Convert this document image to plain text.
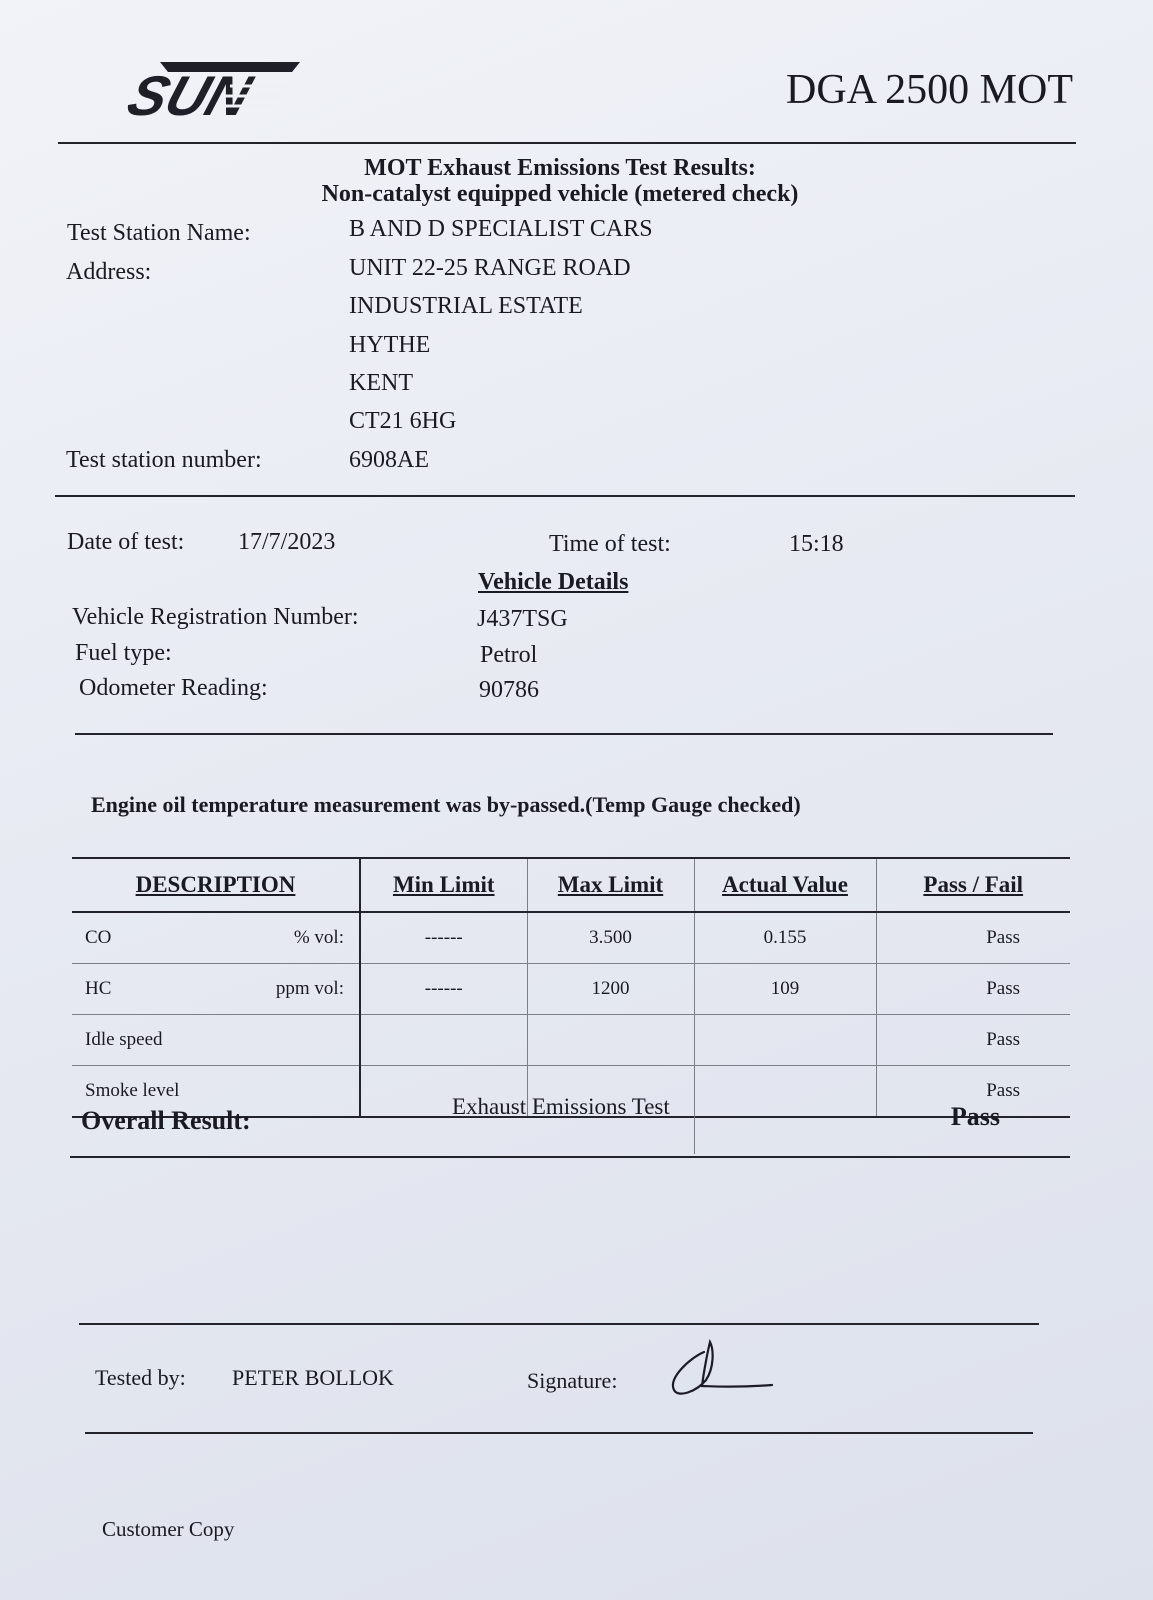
SUN	DGA 2500 MOT
MOT Exhaust Emissions Test Results:
Non-catalyst equipped vehicle (metered check)
Test Station Name:	B AND D SPECIALIST CARS
Address:	UNIT 22-25 RANGE ROAD
INDUSTRIAL ESTATE
HYTHE
KENT
CT21 6HG
Test station number:	6908AE
Date of test: 17/7/2023	Time of test:	15:18
Vehicle Details
Vehicle Registration Number:	J437TSG
Fuel type:	Petrol
Odometer Reading:	90786
Engine oil temperature measurement was by-passed.(Temp Gauge checked)
DESCRIPTION	Min Limit	Max Limit	Actual Value	Pass / Fail

CO % vol:	------	3.500	0.155	Pass

HC ppm vol:	------	1200	109	Pass

Idle speed				Pass

Smoke level				Pass
Overall Result:	Exhaust Emissions Test	Pass
Tested by: PETER BOLLOK	Signature:
Customer Copy
